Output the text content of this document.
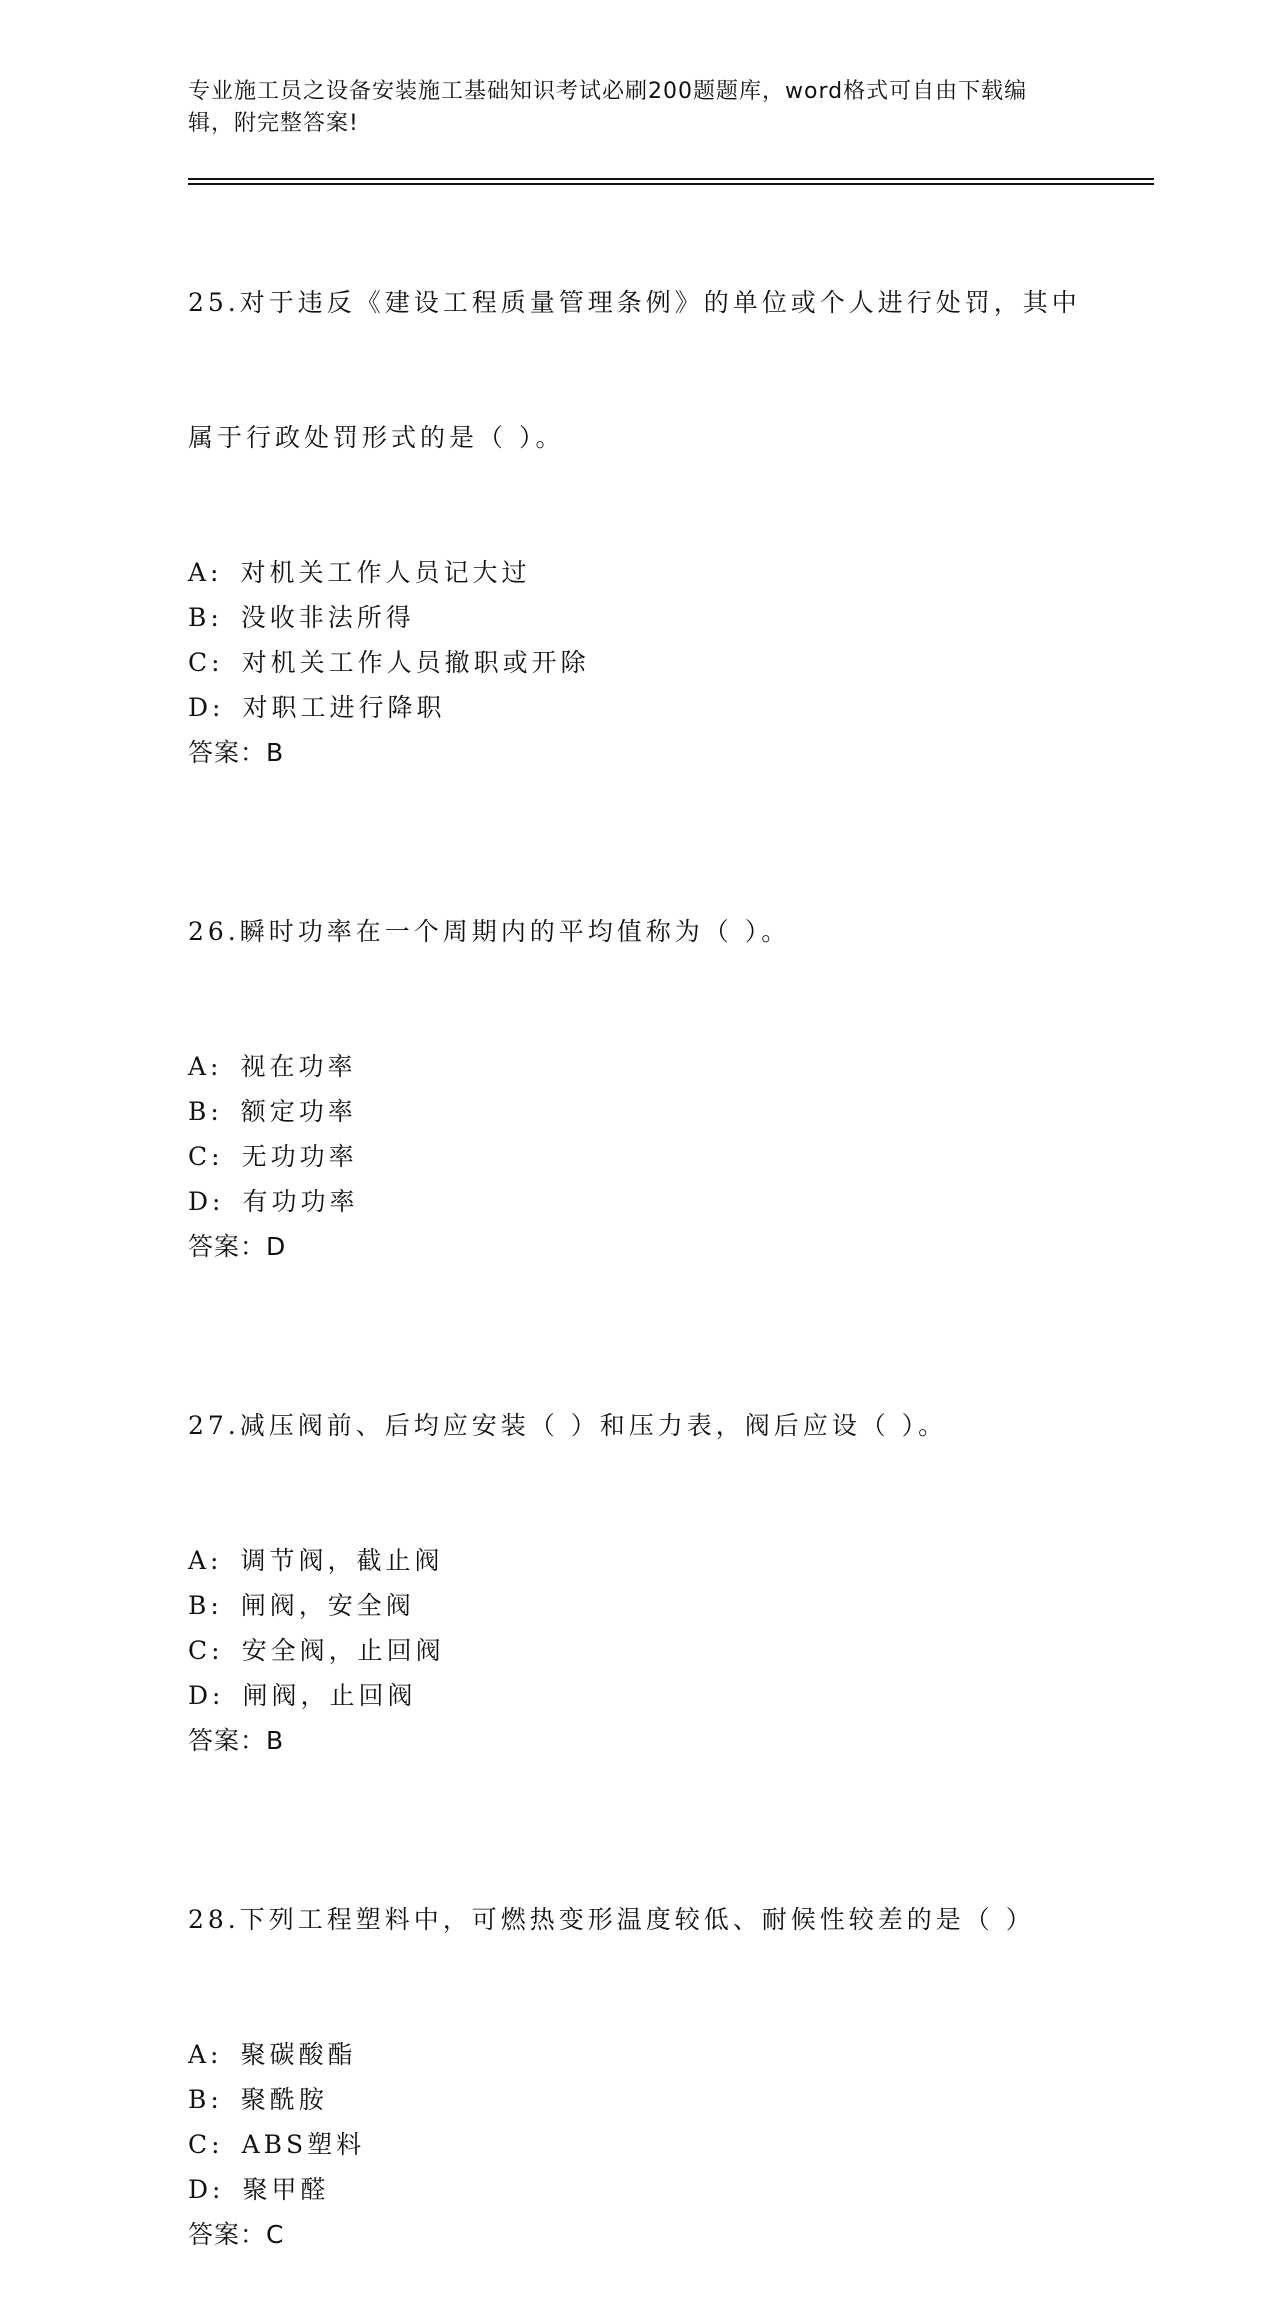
专业施工员之设备安装施工基础知识考试必刷200题题库，word格式可自由下载编辑，附完整答案!

25.对于违反《建设工程质量管理条例》的单位或个人进行处罚，其中

属于行政处罚形式的是（ ）。

A: 对机关工作人员记大过
B: 没收非法所得
C: 对机关工作人员撤职或开除
D: 对职工进行降职
答案： B

26.瞬时功率在一个周期内的平均值称为（ ）。

A: 视在功率
B: 额定功率
C: 无功功率
D: 有功功率
答案： D

27.减压阀前、后均应安装（ ）和压力表，阀后应设（ ）。

A: 调节阀，截止阀
B: 闸阀，安全阀
C: 安全阀，止回阀
D: 闸阀，止回阀
答案： B

28.下列工程塑料中，可燃热变形温度较低、耐候性较差的是（ ）

A: 聚碳酸酯
B: 聚酰胺
C: ABS塑料
D: 聚甲醛
答案： C
